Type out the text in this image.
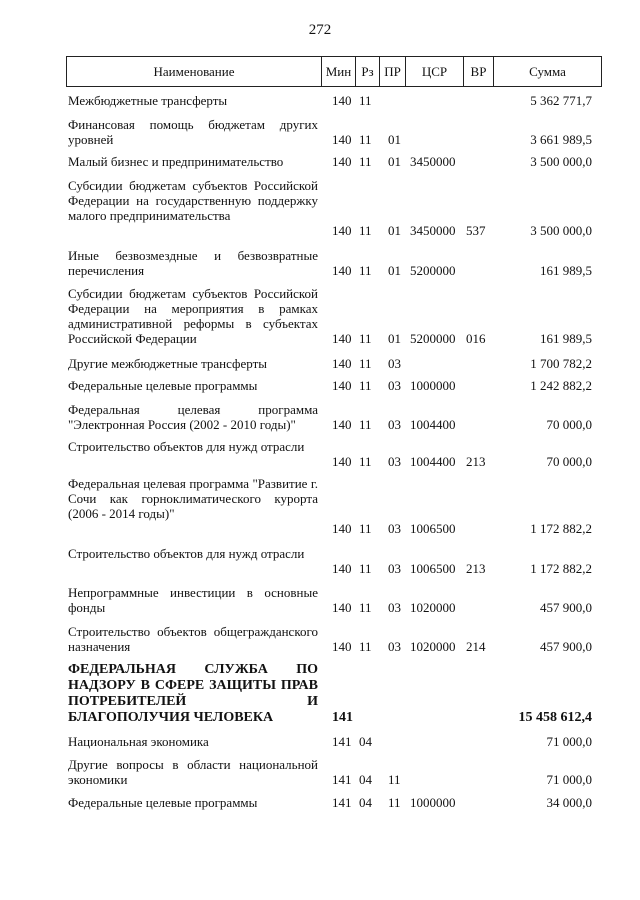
272
Наименование	Мин Рз ПР	ЦСР	ВР	Сумма
Межбюджетные трансферты	140 11	5 362 771,7
Финансовая помощь бюджетам других уровней	140 11 01	3 661 989,5
Малый бизнес и предпринимательство	140 11 01 3450000	3 500 000,0
Субсидии бюджетам субъектов Российской Федерации на государственную поддержку малого предпринимательства
140 11 01 3450000 537	3 500 000,0
Иные безвозмездные и безвозвратные перечисления	140 11 01 5200000	161 989,5
Субсидии бюджетам субъектов Российской Федерации на мероприятия в рамках административной реформы в субъектах Российской Федерации	140 11 01 5200000 016	161 989,5
Другие межбюджетные трансферты	140 11 03	1 700 782,2
Федеральные целевые программы	140 11 03 1000000	1 242 882,2
Федеральная целевая программа "Электронная Россия (2002 - 2010 годы)"	140 11 03 1004400	70 000,0
Строительство объектов для нужд отрасли
140 11 03 1004400 213	70 000,0
Федеральная целевая программа "Развитие г. Сочи как горноклиматического курорта (2006 - 2014 годы)"
140 11 03 1006500	1 172 882,2
Строительство объектов для нужд отрасли
140 11 03 1006500 213	1 172 882,2
Непрограммные инвестиции в основные фонды	140 11 03 1020000	457 900,0
Строительство объектов общегражданского назначения	140 11 03 1020000 214	457 900,0
ФЕДЕРАЛЬНАЯ СЛУЖБА ПО НАДЗОРУ В СФЕРЕ ЗАЩИТЫ ПРАВ ПОТРЕБИТЕЛЕЙ И БЛАГОПОЛУЧИЯ ЧЕЛОВЕКА	141	15 458 612,4
Национальная экономика	141 04	71 000,0
Другие вопросы в области национальной экономики	141 04 11	71 000,0
Федеральные целевые программы	141 04 11 1000000	34 000,0
